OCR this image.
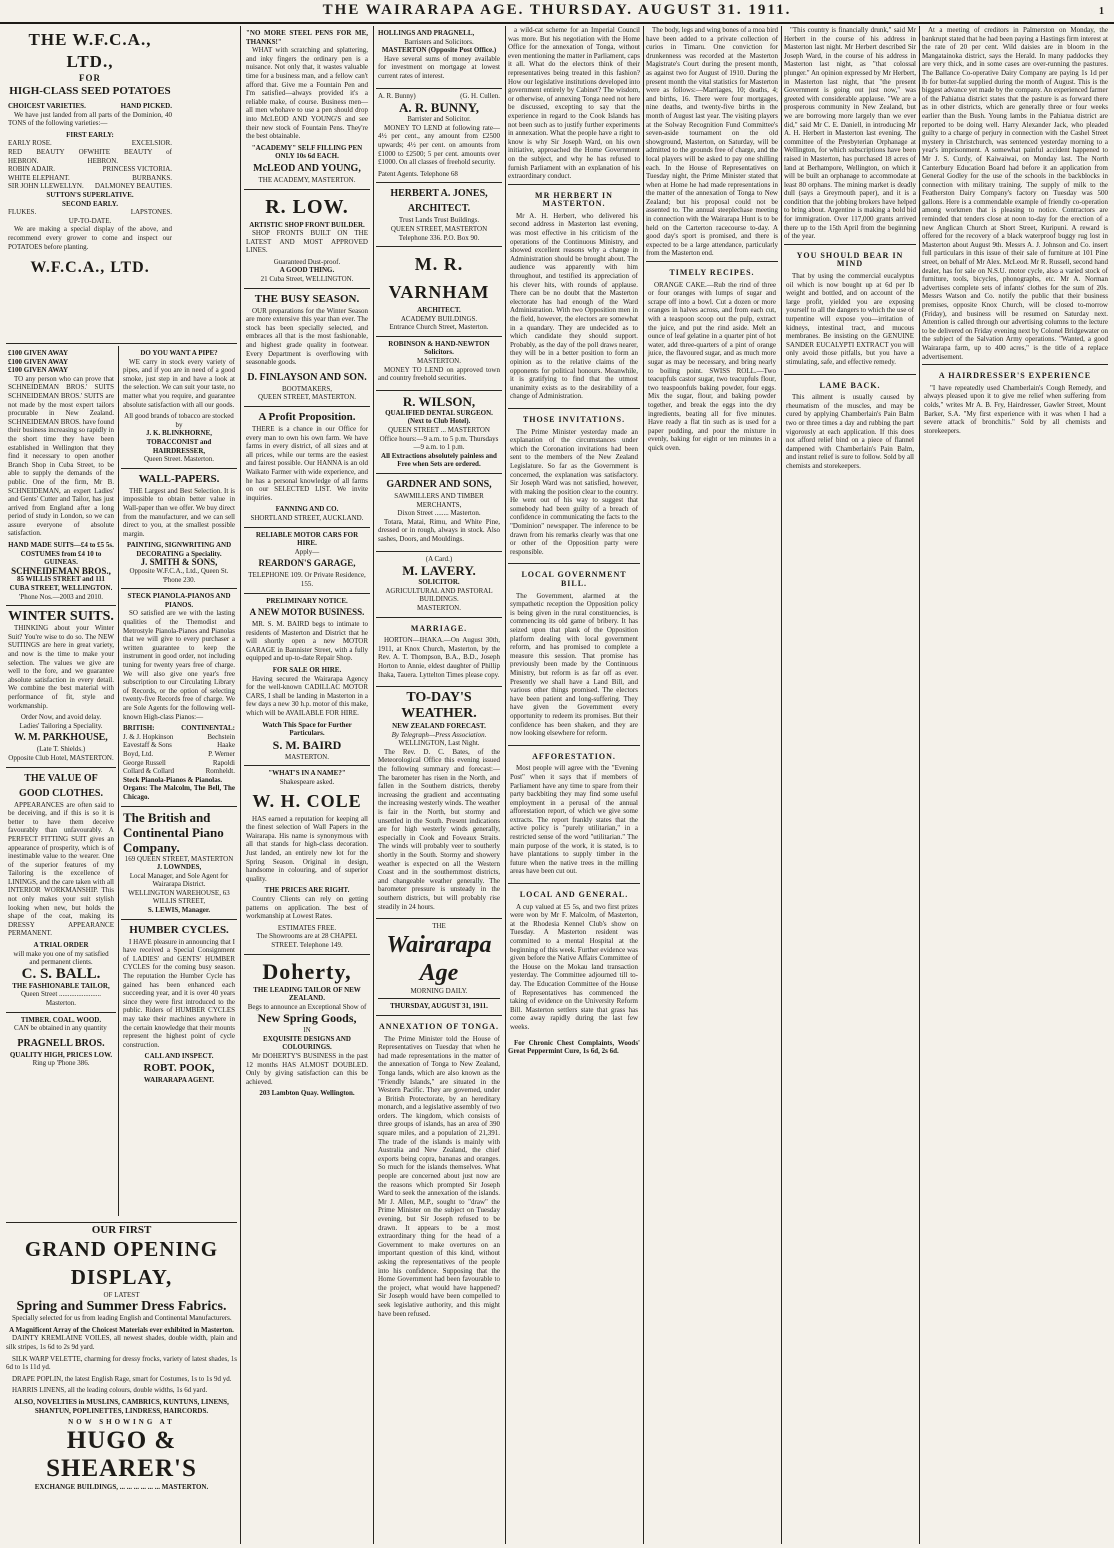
THE WAIRARAPA AGE. THURSDAY. AUGUST 31. 1911.	1
THE W.F.C.A., LTD.,
FOR
HIGH-CLASS SEED POTATOES
CHOICEST VARIETIES.	HAND PICKED.

We have just landed from all parts of the Dominion, 40 TONS of the following varieties:—

FIRST EARLY:
EARLY ROSE.	EXCELSIOR.
RED BEAUTY OF HEBRON.
WHITE BEAUTY of HEBRON.
ROBIN ADAIR.	PRINCESS VICTORIA.
WHITE ELEPHANT.	BURBANKS.
SIR JOHN LLEWELLYN. DALMONEY BEAUTIES.
SUTTON'S SUPERLATIVE.
SECOND EARLY.
FLUKES.	LAPSTONES.
UP-TO-DATE.

We are making a special display of the above, and recommend every grower to come and inspect our POTATOES before planting.

W.F.C.A., LTD.
£100 GIVEN AWAY
£100 GIVEN AWAY
£100 GIVEN AWAY

TO any person who can prove that SCHNEIDEMAN BROS.' SUITS SCHNEIDEMAN BROS.' SUITS are not made by the most expert tailors procurable in New Zealand. SCHNEIDEMAN BROS. have found their business increasing so rapidly in the short time they have been established in Wellington that they find it necessary to open another Branch Shop in Cuba Street, to be able to supply the demands of the public. One of the firm, Mr B. SCHNEIDEMAN, an expert Ladies' and Gents' Cutter and Tailor, has just arrived from England after a long period of study in London, so we can assure everyone of absolute satisfaction.

HAND MADE SUITS—£4 to £5 5s. COSTUMES from £4 10 to GUINEAS.
SCHNEIDEMAN BROS.,
85 WILLIS STREET and 111 CUBA STREET, WELLINGTON.
'Phone Nos.—2003 and 2010.
WINTER SUITS.

THINKING about your Winter Suit? You're wise to do so. The NEW SUITINGS are here in great variety, and now is the time to make your selection. The values we give are well to the fore, and we guarantee absolute satisfaction in every detail. We combine the best material with performance of fit, style and workmanship.

Order Now, and avoid delay.
Ladies' Tailoring a Speciality.
W. M. PARKHOUSE,
(Late T. Shields.)
Opposite Club Hotel, MASTERTON.
THE VALUE OF GOOD CLOTHES.

APPEARANCES are often said to be deceiving, and if this is so it is better to have them deceive favourably than unfavourably. A PERFECT FITTING SUIT gives an appearance of prosperity, which is of inestimable value to the wearer. One of the superior features of my Tailoring is the excellence of LININGS, and the care taken with all INTERIOR WORKMANSHIP. This not only makes your suit stylish looking when new, but holds the shape of the coat, making its DRESSY APPEARANCE PERMANENT.

A TRIAL ORDER
will make you one of my satisfied and permanent clients.
C. S. BALL.
THE FASHIONABLE TAILOR,
Queen Street ........................ Masterton.
TIMBER. COAL. WOOD.

CAN be obtained in any quantity

PRAGNELL BROS.
QUALITY HIGH, PRICES LOW.
Ring up 'Phone 386.
DO YOU WANT A PIPE?

WE carry in stock every variety of pipes, and if you are in need of a good smoke, just step in and have a look at the selection. We can suit your taste, no matter what you require, and guarantee absolute satisfaction with all our goods.

All good brands of tobacco are stocked by
J. K. BLINKHORNE, TOBACCONIST and HAIRDRESSER,
Queen Street. Masterton.
WALL-PAPERS.

THE Largest and Best Selection. It is impossible to obtain better value in Wall-paper than we offer. We buy direct from the manufacturer, and we can sell direct to you, at the smallest possible margin.

PAINTING, SIGNWRITING AND DECORATING a Speciality.
J. SMITH & SONS,
Opposite W.F.C.A., Ltd., Queen St. 'Phone 230.
STECK PIANOLA-PIANOS AND PIANOS.

SO satisfied are we with the lasting qualities of the Themodist and Metrostyle Pianola-Pianos and Pianolas that we will give to every purchaser a written guarantee to keep the instrument in good order, not including tuning for twenty years free of charge. We will also give one year's free subscription to our Circulating Library of Records, or the option of selecting twenty-five Records free of charge. We are Sole Agents for the following well-known High-class Pianos:—

BRITISH:	CONTINENTAL:
J. & J. Hopkinson	Bechstein
Eavestaff & Sons	Haake
Boyd, Ltd.	P. Werner
George Russell	Rapoldi
Collard & Collard	Romheldt.
Steck Pianola-Pianos & Pianolas.
Organs: The Malcolm, The Bell, The Chicago.
The British and Continental Piano Company.
169 QUEEN STREET, MASTERTON
J. LOWNDES,
Local Manager, and Sole Agent for Wairarapa District.
WELLINGTON WAREHOUSE, 63 WILLIS STREET,
S. LEWIS, Manager.
HUMBER CYCLES.

I HAVE pleasure in announcing that I have received a Special Consignment of LADIES' and GENTS' HUMBER CYCLES for the coming busy season. The reputation the Humber Cycle has gained has been enhanced each succeeding year, and it is over 40 years since they were first introduced to the public. Riders of HUMBER CYCLES may take their machines anywhere in the certain knowledge that their mounts represent the highest point of cycle construction.

CALL AND INSPECT.
ROBT. POOK,
WAIRARAPA AGENT.
OUR FIRST
GRAND OPENING DISPLAY,
OF LATEST
Spring and Summer Dress Fabrics.

Specially selected for us from leading English and Continental Manufacturers.

A Magnificent Array of the Choicest Materials ever exhibited in Masterton.

DAINTY KREMLAINE VOILES, all newest shades, double width, plain and silk stripes, 1s 6d to 2s 9d yard.

SILK WARP VELETTE, charming for dressy frocks, variety of latest shades, 1s 6d to 1s 11d yd.

DRAPE POPLIN, the latest English Rage, smart for Costumes, 1s to 1s 9d yd.

HARRIS LINENS, all the leading colours, double widths, 1s 6d yard.

ALSO, NOVELTIES in MUSLINS, CAMBRICS, KUNTUNS, LINENS, SHANTUN, POPLINETTES, LINDRESS, HAIRCORDS.
NOW SHOWING AT
HUGO & SHEARER'S
EXCHANGE BUILDINGS, ... ... ... ... ... ... MASTERTON.
"NO MORE STEEL PENS FOR ME, THANKS!"

WHAT with scratching and splattering, and inky fingers the ordinary pen is a nuisance. Not only that, it wastes valuable time for a business man, and a fellow can't afford that. Give me a Fountain Pen and I'm satisfied—always provided it's a reliable make, of course. Business men—all men whohave to use a pen should drop into McLEOD AND YOUNG'S and see their new stock of Fountain Pens. They're the best obtainable.

"ACADEMY" SELF FILLING PEN ONLY 10s 6d EACH.
McLEOD AND YOUNG,
THE ACADEMY, MASTERTON.
R. LOW.
ARTISTIC SHOP FRONT BUILDER.

SHOP FRONTS BUILT ON THE LATEST AND MOST APPROVED LINES.

Guaranteed Dust-proof.
A GOOD THING.
21 Cuba Street, WELLINGTON.
THE BUSY SEASON.

OUR preparations for the Winter Season are more extensive this year than ever. The stock has been specially selected, and embraces all that is the most fashionable, and highest grade quality in footwear. Every Department is overflowing with seasonable goods.

D. FINLAYSON AND SON.
BOOTMAKERS,
QUEEN STREET, MASTERTON.
A Profit Proposition.

THERE is a chance in our Office for every man to own his own farm. We have farms in every district, of all sizes and at all prices, while our terms are the easiest and fairest possible. Our HANNA is an old Waikato Farmer with wide experience, and he has a personal knowledge of all farms on our SELECTED LIST. We invite inquiries.

FANNING AND CO.
SHORTLAND STREET, AUCKLAND.
RELIABLE MOTOR CARS FOR HIRE.
Apply—
REARDON'S GARAGE,
TELEPHONE 109. Or Private Residence, 155.
PRELIMINARY NOTICE.
A NEW MOTOR BUSINESS.

MR. S. M. BAIRD begs to intimate to residents of Masterton and District that he will shortly open a new MOTOR GARAGE in Bannister Street, with a fully equipped and up-to-date Repair Shop.

FOR SALE OR HIRE.

Having secured the Wairarapa Agency for the well-known CADILLAC MOTOR CARS, I shall be landing in Masterton in a few days a new 30 h.p. motor of this make, which will be AVAILABLE FOR HIRE.

Watch This Space for Further Particulars.
S. M. BAIRD
MASTERTON.
"WHAT'S IN A NAME?"
Shakespeare asked.
W. H. COLE

HAS earned a reputation for keeping all the finest selection of Wall Papers in the Wairarapa. His name is synonymous with all that stands for high-class decoration. Just landed, an entirely new lot for the Spring Season. Original in design, handsome in colouring, and of superior quality.

THE PRICES ARE RIGHT.

Country Clients can rely on getting patterns on application. The best of workmanship at Lowest Rates.

ESTIMATES FREE.
The Showrooms are at 28 CHAPEL STREET. Telephone 149.
Doherty,
THE LEADING TAILOR OF NEW ZEALAND.
Begs to announce an Exceptional Show of
New Spring Goods,
IN
EXQUISITE DESIGNS AND COLOURINGS.

Mr DOHERTY'S BUSINESS in the past 12 months HAS ALMOST DOUBLED. Only by giving satisfaction can this be achieved.

203 Lambton Quay. Wellington.
HOLLINGS AND PRAGNELL,
Barristers and Solicitors.
MASTERTON (Opposite Post Office.)

Have several sums of money available for investment on mortgage at lowest current rates of interest.

A. R. Bunny)	(G. H. Cullen.
A. R. BUNNY,
Barrister and Solicitor.

MONEY TO LEND at following rate—4½ per cent., any amount from £2500 upwards; 4½ per cent. on amounts from £1000 to £2500; 5 per cent. amounts over £1000. On all classes of freehold security.

Patent Agents. Telephone 68
HERBERT A. JONES, ARCHITECT.
Trust Lands Trust Buildings.
QUEEN STREET, MASTERTON
Telephone 336. P.O. Box 90.
M. R. VARNHAM
ARCHITECT.
ACADEMY BUILDINGS.
Entrance Church Street, Masterton.
ROBINSON & HAND-NEWTON Solicitors.
MASTERTON.

MONEY TO LEND on approved town and country freehold securities.

R. WILSON,
QUALIFIED DENTAL SURGEON. (Next to Club Hotel).
QUEEN STREET ... MASTERTON
Office hours:—9 a.m. to 5 p.m. Thursdays—9 a.m. to 1 p.m.
All Extractions absolutely painless and Free when Sets are ordered.
GARDNER AND SONS,
SAWMILLERS AND TIMBER MERCHANTS,
Dixon Street ........ Masterton.

Totara, Matai, Rimu, and White Pine, dressed or in rough, always in stock. Also sashes, Doors, and Mouldings.

(A Card.)
M. LAVERY.
SOLICITOR.
AGRICULTURAL AND PASTORAL BUILDINGS.
MASTERTON.
MARRIAGE.

HORTON—IHAKA.—On August 30th, 1911, at Knox Church, Masterton, by the Rev. A. T. Thompson, B.A., B.D., Joseph Horton to Annie, eldest daughter of Phillip Ihaka, Tauera. Lyttelton Times please copy.

TO-DAY'S WEATHER.
NEW ZEALAND FORECAST.
By Telegraph—Press Association.
WELLINGTON, Last Night.

The Rev. D. C. Bates, of the Meteorological Office this evening issued the following summary and forecast:— The barometer has risen in the North, and fallen in the Southern districts, thereby increasing the gradient and accentuating the increasing westerly winds. The weather is fair in the North, but stormy and unsettled in the South. Present indications are for high westerly winds generally, especially in Cook and Foveaux Straits. The winds will probably veer to southerly shortly in the South. Stormy and showery weather is expected on all the Western Coast and in the southernmost districts, and changeable weather generally. The barometer pressure is unsteady in the southern districts, but will probably rise steadily in 24 hours.

THE
Wairarapa Age
MORNING DAILY.
THURSDAY, AUGUST 31, 1911.
ANNEXATION OF TONGA.

The Prime Minister told the House of Representatives on Tuesday that when he had made representations in the matter of the annexation of Tonga to New Zealand, Tonga lands, which are also known as the "Friendly Islands," are situated in the Western Pacific. They are governed, under a British Protectorate, by an hereditary monarch, and a legislative assembly of two orders. The kingdom, which consists of three groups of islands, has an area of 390 square miles, and a population of 21,391. The trade of the islands is mainly with Australia and New Zealand, the chief exports being copra, bananas and oranges. So much for the islands themselves. What people are concerned about just now are the reasons which prompted Sir Joseph Ward to seek the annexation of the islands. Mr J. Allen, M.P., sought to "draw" the Prime Minister on the subject on Tuesday evening, but Sir Joseph refused to be drawn. It appears to be a most extraordinary thing for the head of a Government to make overtures on an important question of this kind, without asking the representatives of the people into his confidence. Supposing that the Home Government had been favourable to the project, what would have happened? Sir Joseph would have been compelled to seek legislative authority, and this might have been refused.

a wild-cat scheme for an Imperial Council was more. But his negotiation with the Home Office for the annexation of Tonga, without even mentioning the matter in Parliament, caps it all. What do the electors think of their representatives being treated in this fashion? How our legislative institutions developed into government entirely by Cabinet? The wisdom, or otherwise, of annexing Tonga need not here be discussed, excepting to say that the experience in regard to the Cook Islands has not been such as to justify further experiments in annexation. What the people have a right to know is why Sir Joseph Ward, on his own initiative, approached the Home Government on the subject, and why he has refused to furnish Parliament with an explanation of his extraordinary conduct.

MR HERBERT IN MASTERTON.

Mr A. H. Herbert, who delivered his second address in Masterton last evening, was most effective in his criticism of the operations of the Continuous Ministry, and showed excellent reasons why a change in Administration should be brought about. The audience was apparently with him throughout, and testified its appreciation of his clever hits, with rounds of applause. There can be no doubt that the Masterton electorate has had enough of the Ward Administration. With two Opposition men in the field, however, the electors are somewhat in a quandary. They are undecided as to which candidate they should support. Probably, as the day of the poll draws nearer, they will be in a better position to form an opinion as to the relative claims of the opponents for political honours. Meanwhile, it is gratifying to find that the utmost unanimity exists as to the desirability of a change of Administration.

THOSE INVITATIONS.

The Prime Minister yesterday made an explanation of the circumstances under which the Coronation invitations had been sent to the members of the New Zealand Legislature. So far as the Government is concerned, the explanation was satisfactory. Sir Joseph Ward was not satisfied, however, with making the position clear to the country. He went out of his way to suggest that somebody had been guilty of a breach of confidence in communicating the facts to the "Dominion" newspaper. The inference to be drawn from his remarks clearly was that one or other of the Opposition party were responsible.

LOCAL GOVERNMENT BILL.

The Government, alarmed at the sympathetic reception the Opposition policy is being given in the rural constituencies, is commencing its old game of bribery. It has seized upon that plank of the Opposition platform dealing with local government reform, and has promised to complete a measure this session. That promise has previously been made by the Continuous Ministry, but reform is as far off as ever. Presently we shall have a Land Bill, and various other things promised. The electors have been patient and long-suffering. They have given the Government every opportunity to redeem its promises. But their confidence has been shaken, and they are now looking elsewhere for reform.

AFFORESTATION.

Most people will agree with the "Evening Post" when it says that if members of Parliament have any time to spare from their party backbiting they may find some useful employment in a perusal of the annual afforestation report, of which we give some extracts. The report frankly states that the active policy is "purely utilitarian," in a restricted sense of the word "utilitarian." The main purpose of the work, it is stated, is to have plantations to supply timber in the future when the native trees in the milling areas have been cut out.

LOCAL AND GENERAL.

A cup valued at £5 5s, and two first prizes were won by Mr F. Malcolm, of Masterton, at the Rhodesia Kennel Club's show on Tuesday. A Masterton resident was committed to a mental Hospital at the beginning of this week. Further evidence was given before the Native Affairs Committee of the House on the Mokau land transaction yesterday. The Committee adjourned till to-day. The Education Committee of the House of Representatives has commenced the taking of evidence on the University Reform Bill. Masterton settlers state that grass has come away rapidly during the last few weeks.

For Chronic Chest Complaints, Woods' Great Peppermint Cure, 1s 6d, 2s 6d.

The body, legs and wing bones of a moa bird have been added to a private collection of curios in Timaru. One conviction for drunkenness was recorded at the Masterton Magistrate's Court during the present month, as against two for August of 1910. During the present month the vital statistics for Masterton were as follows:—Marriages, 10; deaths, 4; and births, 16. There were four mortgages, nine deaths, and twenty-five births in the month of August last year. The visiting players at the Solway Recognition Fund Committee's seven-aside tournament on the old showground, Masterton, on Saturday, will be admitted to the grounds free of charge, and the local players will be asked to pay one shilling each. In the House of Representatives on Tuesday night, the Prime Minister stated that when at Home he had made representations in the matter of the annexation of Tonga to New Zealand; but his proposal could not be assented to. The annual steeplechase meeting in connection with the Wairarapa Hunt is to be held on the Carterton racecourse to-day. A good day's sport is promised, and there is expected to be a large attendance, particularly from the Masterton end.

TIMELY RECIPES.

ORANGE CAKE.—Rub the rind of three or four oranges with lumps of sugar and scrape off into a bowl. Cut a dozen or more oranges in halves across, and from each cut, with a teaspoon scoop out the pulp, extract the juice, and put the rind aside. Melt an ounce of leaf gelatine in a quarter pint of hot water, add three-quarters of a pint of orange juice, the flavoured sugar, and as much more sugar as may be necessary, and bring nearly to boiling point. SWISS ROLL.—Two teacupfuls castor sugar, two teacupfuls flour, two teaspoonfuls baking powder, four eggs. Mix the sugar, flour, and baking powder together, and break the eggs into the dry ingredients, beating all for five minutes. Have ready a flat tin such as is used for a paper pudding, and pour the mixture in evenly, baking for eight or ten minutes in a quick oven.

"This country is financially drunk," said Mr Herbert in the course of his address in Masterton last night. Mr Herbert described Sir Joseph Ward, in the course of his address in Masterton last night, as "that colossal plunger." An opinion expressed by Mr Herbert, in Masterton last night, that "the present Government is going out just now," was greeted with considerable applause. "We are a prosperous community in New Zealand, but we are borrowing more largely than we ever did," said Mr C. E. Daniell, in introducing Mr A. H. Herbert in Masterton last evening. The committee of the Presbyterian Orphanage at Wellington, for which subscriptions have been raised in Masterton, has purchased 18 acres of land at Berhampore, Wellington, on which it will be built an orphanage to accommodate at least 80 orphans. The mining market is deadly dull (says a Greymouth paper), and it is a condition that the jobbing brokers have helped to bring about. Argentine is making a bold bid for immigration. Over 117,000 grants arrived there up to the 15th April from the beginning of the year.

YOU SHOULD BEAR IN MIND

That by using the commercial eucalyptus oil which is now bought up at 6d per lb weight and bottled, and on account of the large profit, yielded you are exposing yourself to all the dangers to which the use of turpentine will expose you—irritation of kidneys, intestinal tract, and mucous membranes. Be insisting on the GENUINE SANDER EUCALYPTI EXTRACT you will only avoid those pitfalls, but you have a stimulating, safe, and effective remedy.

LAME BACK.

This ailment is usually caused by rheumatism of the muscles, and may be cured by applying Chamberlain's Pain Balm two or three times a day and rubbing the part vigorously at each application. If this does not afford relief bind on a piece of flannel dampened with Chamberlain's Pain Balm, and instant relief is sure to follow. Sold by all chemists and storekeepers.

At a meeting of creditors in Palmerston on Monday, the bankrupt stated that he had been paying a Hastings firm interest at the rate of 20 per cent. Wild daisies are in bloom in the Mangatainoka district, says the Herald. In many paddocks they are very thick, and in some cases are over-running the pastures. The Ballance Co-operative Dairy Company are paying 1s 1d per lb for butter-fat supplied during the month of August. This is the biggest advance yet made by the company. An experienced farmer of the Pahiatua district states that the pasture is as forward there as in other districts, which are generally three or four weeks earlier than the Bush. Young lambs in the Pahiatua district are reported to be doing well. Harry Alexander Jack, who pleaded guilty to a charge of perjury in connection with the Cashel Street mystery in Christchurch, was sentenced yesterday morning to a year's imprisonment. A somewhat painful accident happened to Mr J. S. Curdy, of Kaiwaiwai, on Monday last. The North Canterbury Education Board had before it an application from General Godley for the use of the schools in the backblocks in connection with military training. The supply of milk to the Featherston Dairy Company's factory on Tuesday was 500 gallons. Here is a commendable example of friendly co-operation among workmen that is pleasing to notice. Contractors are reminded that tenders close at noon to-day for the erection of a new Anglican Church at Short Street, Kuripuni. A reward is offered for the recovery of a black waterproof buggy rug lost in Masterton about August 9th. Messrs A. J. Johnson and Co. insert full particulars in this issue of their sale of furniture at 101 Pine street, on behalf of Mr Alex. McLeod. Mr R. Russell, second hand dealer, has for sale on N.S.U. motor cycle, also a varied stock of furniture, tools, bicycles, phonographs, etc. Mr A. Norman advertises complete sets of infants' clothes for the sum of 20s. Messrs Watson and Co. notify the public that their business premises, opposite Knox Church, will be closed to-morrow (Friday), and business will be resumed on Saturday next. Attention is called through our advertising columns to the lecture to be delivered on Friday evening next by Colonel Bridgewater on the subject of the Salvation Army operations. "Wanted, a good Wairarapa farm, up to 400 acres," is the title of a replace advertisement.

A HAIRDRESSER'S EXPERIENCE

"I have repeatedly used Chamberlain's Cough Remedy, and always pleased upon it to give me relief when suffering from colds," writes Mr A. B. Fry, Hairdresser, Gawler Street, Mount Barker, S.A. "My first experience with it was when I had a severe attack of bronchitis." Sold by all chemists and storekeepers.
